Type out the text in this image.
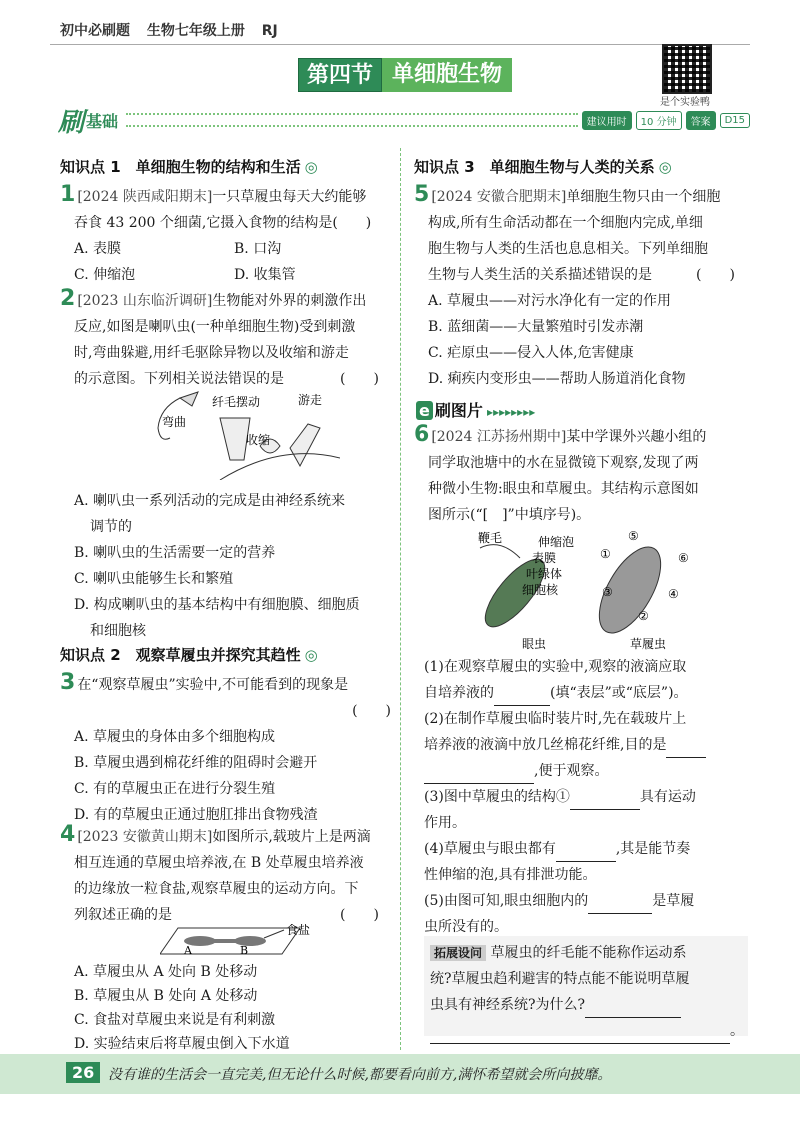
初中必刷题 生物七年级上册 RJ
第四节 单细胞生物
是个实验鸭
刷 基础	建议用时	10 分钟	答案	D15
知识点 1　单细胞生物的结构和生活 ◎
1 [2024 陕西咸阳期末]一只草履虫每天大约能够
吞食 43 200 个细菌,它摄入食物的结构是(　　)
A. 表膜	B. 口沟
C. 伸缩泡	D. 收集管
2 [2023 山东临沂调研]生物能对外界的刺激作出
反应,如图是喇叭虫(一种单细胞生物)受到刺激
时,弯曲躲避,用纤毛驱除异物以及收缩和游走
的示意图。下列相关说法错误的是	(　　)
弯曲
纤毛摆动
收缩
游走
A. 喇叭虫一系列活动的完成是由神经系统来
调节的
B. 喇叭虫的生活需要一定的营养
C. 喇叭虫能够生长和繁殖
D. 构成喇叭虫的基本结构中有细胞膜、细胞质
和细胞核
知识点 2　观察草履虫并探究其趋性 ◎
3 在“观察草履虫”实验中,不可能看到的现象是
(　　)
A. 草履虫的身体由多个细胞构成
B. 草履虫遇到棉花纤维的阻碍时会避开
C. 有的草履虫正在进行分裂生殖
D. 有的草履虫正通过胞肛排出食物残渣
4 [2023 安徽黄山期末]如图所示,载玻片上是两滴
相互连通的草履虫培养液,在 B 处草履虫培养液
的边缘放一粒食盐,观察草履虫的运动方向。下
列叙述正确的是	(　　)
食盐
A	B
A. 草履虫从 A 处向 B 处移动
B. 草履虫从 B 处向 A 处移动
C. 食盐对草履虫来说是有利刺激
D. 实验结束后将草履虫倒入下水道
知识点 3　单细胞生物与人类的关系 ◎
5 [2024 安徽合肥期末]单细胞生物只由一个细胞
构成,所有生命活动都在一个细胞内完成,单细
胞生物与人类的生活也息息相关。下列单细胞
生物与人类生活的关系描述错误的是	(　　)
A. 草履虫——对污水净化有一定的作用
B. 蓝细菌——大量繁殖时引发赤潮
C. 疟原虫——侵入人体,危害健康
D. 痢疾内变形虫——帮助人肠道消化食物
e 刷图片 ▸▸▸▸▸▸▸▸
6 [2024 江苏扬州期中]某中学课外兴趣小组的
同学取池塘中的水在显微镜下观察,发现了两
种微小生物:眼虫和草履虫。其结构示意图如
图所示(“[　]”中填序号)。
鞭毛	伸缩泡
表膜
叶绿体
细胞核
⑤
①	⑥
③	④
②
眼虫	草履虫
(1)在观察草履虫的实验中,观察的液滴应取
自培养液的	(填“表层”或“底层”)。
(2)在制作草履虫临时装片时,先在载玻片上
培养液的液滴中放几丝棉花纤维,目的是
,便于观察。
(3)图中草履虫的结构①	具有运动
作用。
(4)草履虫与眼虫都有	,其是能节奏
性伸缩的泡,具有排泄功能。
(5)由图可知,眼虫细胞内的	是草履
虫所没有的。
拓展设问 草履虫的纤毛能不能称作运动系
统?草履虫趋利避害的特点能不能说明草履
虫具有神经系统?为什么?
。
26 没有谁的生活会一直完美,但无论什么时候,都要看向前方,满怀希望就会所向披靡。
